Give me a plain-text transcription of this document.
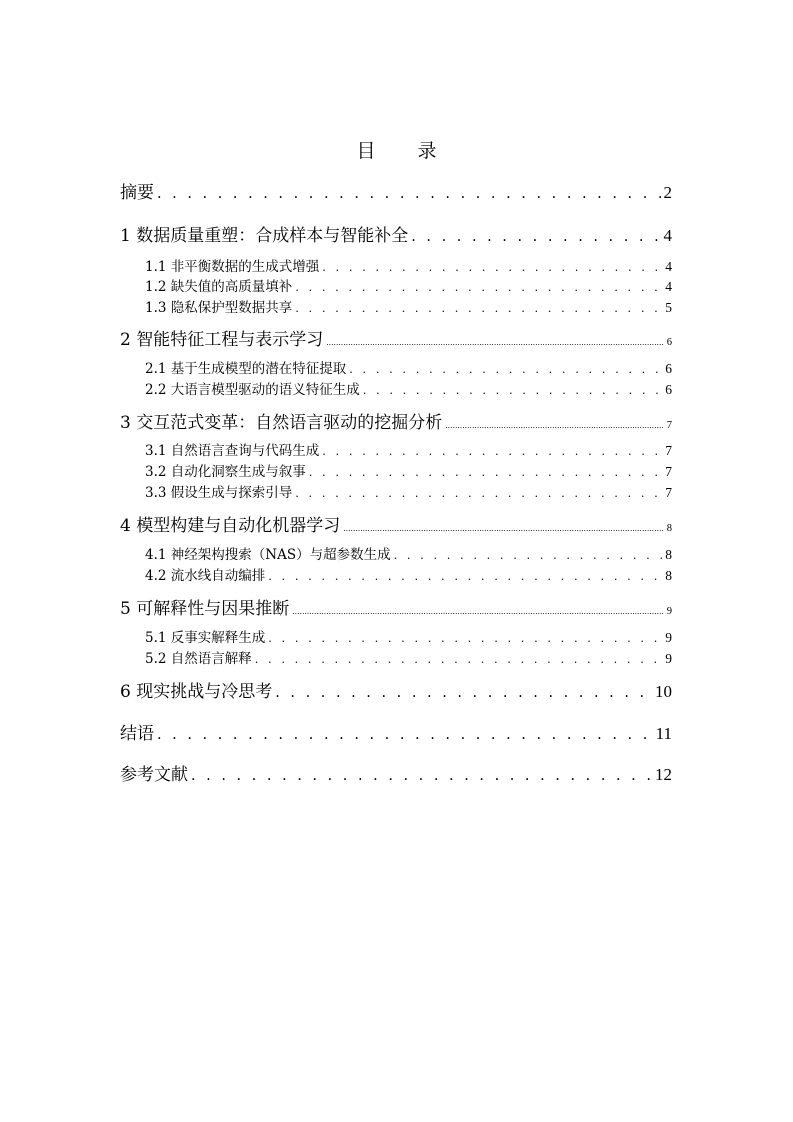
目 录
摘要 . . .	2
1 数据质量重塑：合成样本与智能补全 . . .	4
1.1 非平衡数据的生成式增强 . . .	4
1.2 缺失值的高质量填补 . . .	4
1.3 隐私保护型数据共享 . . .	5
2 智能特征工程与表示学习 .....	6
2.1 基于生成模型的潜在特征提取 . . .	6
2.2 大语言模型驱动的语义特征生成 . . .	6
3 交互范式变革：自然语言驱动的挖掘分析 .....	7
3.1 自然语言查询与代码生成 . . .	7
3.2 自动化洞察生成与叙事 . . .	7
3.3 假设生成与探索引导 . . .	7
4 模型构建与自动化机器学习 .....	8
4.1 神经架构搜索（NAS）与超参数生成 . . .	8
4.2 流水线自动编排 . . .	8
5 可解释性与因果推断 .....	9
5.1 反事实解释生成 . . .	9
5.2 自然语言解释 . . .	9
6 现实挑战与冷思考 . . .	10
结语 . . .	11
参考文献 . . .	12
